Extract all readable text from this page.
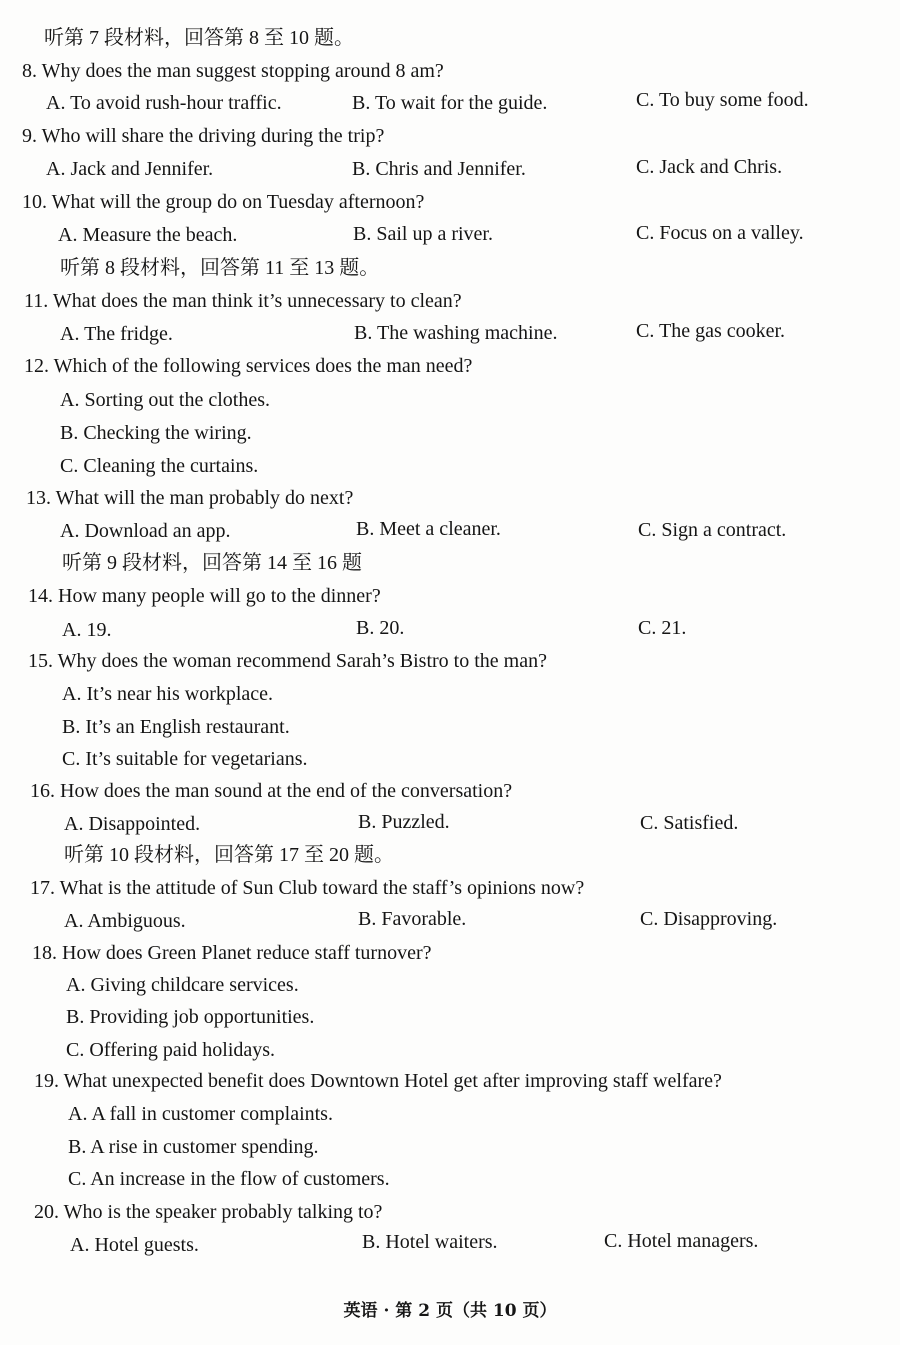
听第 7 段材料，回答第 8 至 10 题。
8. Why does the man suggest stopping around 8 am?
A. To avoid rush-hour traffic.	B. To wait for the guide.	C. To buy some food.
9. Who will share the driving during the trip?
A. Jack and Jennifer.	B. Chris and Jennifer.	C. Jack and Chris.
10. What will the group do on Tuesday afternoon?
A. Measure the beach.	B. Sail up a river.	C. Focus on a valley.
听第 8 段材料，回答第 11 至 13 题。
11. What does the man think it’s unnecessary to clean?
A. The fridge.	B. The washing machine.	C. The gas cooker.
12. Which of the following services does the man need?
A. Sorting out the clothes.
B. Checking the wiring.
C. Cleaning the curtains.
13. What will the man probably do next?
A. Download an app.	B. Meet a cleaner.	C. Sign a contract.
听第 9 段材料，回答第 14 至 16 题
14. How many people will go to the dinner?
A. 19.	B. 20.	C. 21.
15. Why does the woman recommend Sarah’s Bistro to the man?
A. It’s near his workplace.
B. It’s an English restaurant.
C. It’s suitable for vegetarians.
16. How does the man sound at the end of the conversation?
A. Disappointed.	B. Puzzled.	C. Satisfied.
听第 10 段材料，回答第 17 至 20 题。
17. What is the attitude of Sun Club toward the staff’s opinions now?
A. Ambiguous.	B. Favorable.	C. Disapproving.
18. How does Green Planet reduce staff turnover?
A. Giving childcare services.
B. Providing job opportunities.
C. Offering paid holidays.
19. What unexpected benefit does Downtown Hotel get after improving staff welfare?
A. A fall in customer complaints.
B. A rise in customer spending.
C. An increase in the flow of customers.
20. Who is the speaker probably talking to?
A. Hotel guests.	B. Hotel waiters.	C. Hotel managers.
英语 · 第 2 页（共 10 页）
